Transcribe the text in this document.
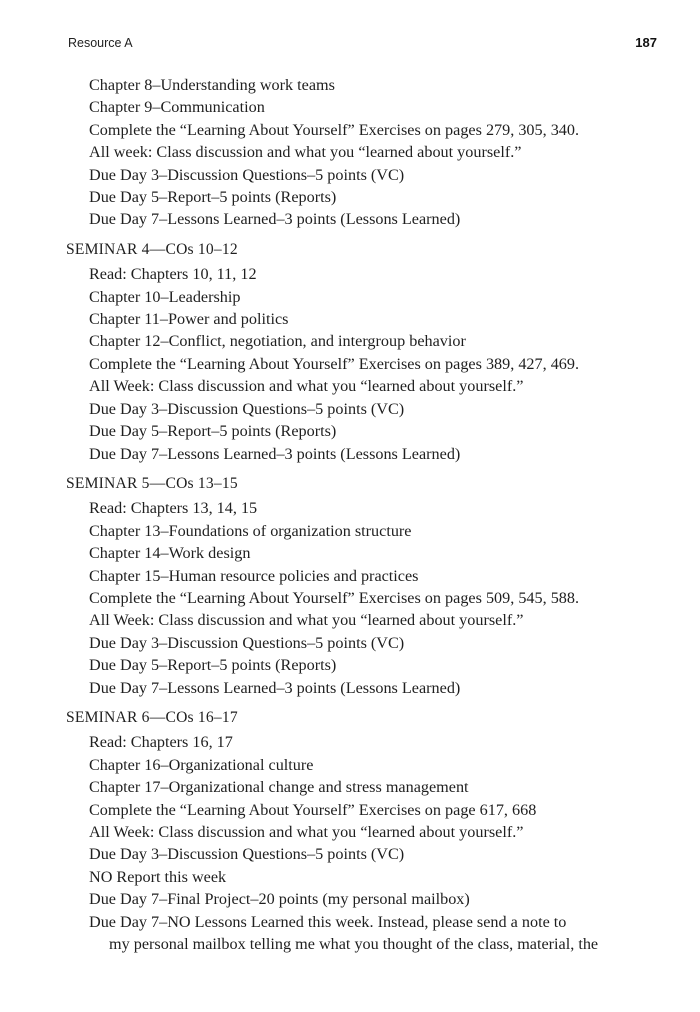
Resource A	187
Chapter 8–Understanding work teams
Chapter 9–Communication
Complete the “Learning About Yourself” Exercises on pages 279, 305, 340.
All week: Class discussion and what you “learned about yourself.”
Due Day 3–Discussion Questions–5 points (VC)
Due Day 5–Report–5 points (Reports)
Due Day 7–Lessons Learned–3 points (Lessons Learned)
SEMINAR 4—COs 10–12
Read: Chapters 10, 11, 12
Chapter 10–Leadership
Chapter 11–Power and politics
Chapter 12–Conflict, negotiation, and intergroup behavior
Complete the “Learning About Yourself” Exercises on pages 389, 427, 469.
All Week: Class discussion and what you “learned about yourself.”
Due Day 3–Discussion Questions–5 points (VC)
Due Day 5–Report–5 points (Reports)
Due Day 7–Lessons Learned–3 points (Lessons Learned)
SEMINAR 5—COs 13–15
Read: Chapters 13, 14, 15
Chapter 13–Foundations of organization structure
Chapter 14–Work design
Chapter 15–Human resource policies and practices
Complete the “Learning About Yourself” Exercises on pages 509, 545, 588.
All Week: Class discussion and what you “learned about yourself.”
Due Day 3–Discussion Questions–5 points (VC)
Due Day 5–Report–5 points (Reports)
Due Day 7–Lessons Learned–3 points (Lessons Learned)
SEMINAR 6—COs 16–17
Read: Chapters 16, 17
Chapter 16–Organizational culture
Chapter 17–Organizational change and stress management
Complete the “Learning About Yourself” Exercises on page 617, 668
All Week: Class discussion and what you “learned about yourself.”
Due Day 3–Discussion Questions–5 points (VC)
NO Report this week
Due Day 7–Final Project–20 points (my personal mailbox)
Due Day 7–NO Lessons Learned this week. Instead, please send a note to
my personal mailbox telling me what you thought of the class, material, the
